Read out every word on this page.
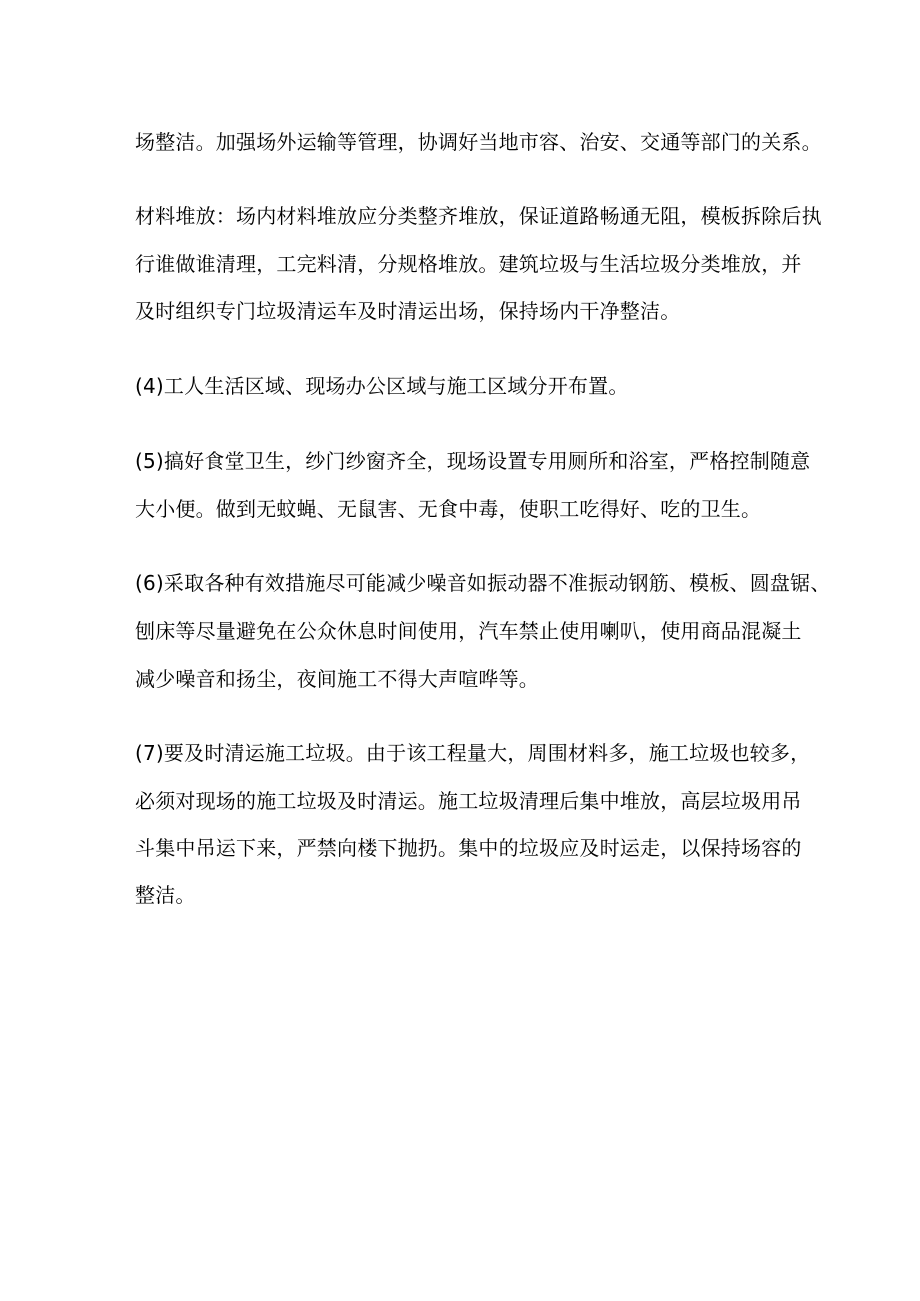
场整洁。加强场外运输等管理，协调好当地市容、治安、交通等部门的关系。
材料堆放：场内材料堆放应分类整齐堆放，保证道路畅通无阻，模板拆除后执
行谁做谁清理，工完料清，分规格堆放。建筑垃圾与生活垃圾分类堆放，并
及时组织专门垃圾清运车及时清运出场，保持场内干净整洁。
(4)工人生活区域、现场办公区域与施工区域分开布置。
(5)搞好食堂卫生，纱门纱窗齐全，现场设置专用厕所和浴室，严格控制随意
大小便。做到无蚊蝇、无鼠害、无食中毒，使职工吃得好、吃的卫生。
(6)采取各种有效措施尽可能减少噪音如振动器不准振动钢筋、模板、圆盘锯、
刨床等尽量避免在公众休息时间使用，汽车禁止使用喇叭，使用商品混凝土
减少噪音和扬尘，夜间施工不得大声喧哗等。
(7)要及时清运施工垃圾。由于该工程量大，周围材料多，施工垃圾也较多，
必须对现场的施工垃圾及时清运。施工垃圾清理后集中堆放，高层垃圾用吊
斗集中吊运下来，严禁向楼下抛扔。集中的垃圾应及时运走，以保持场容的
整洁。
